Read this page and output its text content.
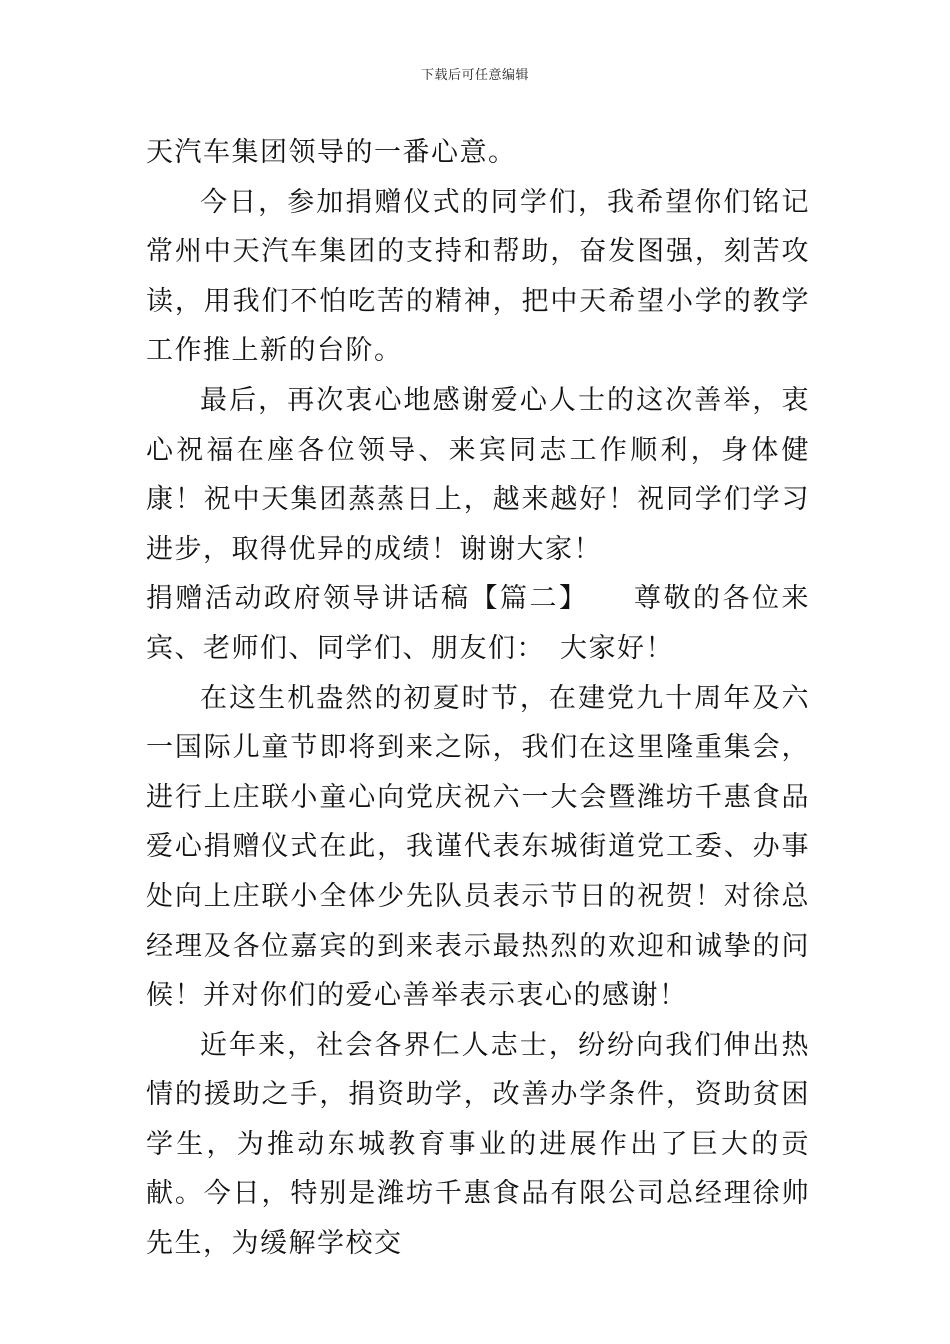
下载后可任意编辑

天汽车集团领导的一番心意。

今日，参加捐赠仪式的同学们，我希望你们铭记常州中天汽车集团的支持和帮助，奋发图强，刻苦攻读，用我们不怕吃苦的精神，把中天希望小学的教学工作推上新的台阶。

最后，再次衷心地感谢爱心人士的这次善举，衷心祝福在座各位领导、来宾同志工作顺利，身体健康！祝中天集团蒸蒸日上，越来越好！祝同学们学习进步，取得优异的成绩！谢谢大家！

捐赠活动政府领导讲话稿【篇二】　　尊敬的各位来宾、老师们、同学们、朋友们：　大家好！

在这生机盎然的初夏时节，在建党九十周年及六一国际儿童节即将到来之际，我们在这里隆重集会，进行上庄联小童心向党庆祝六一大会暨潍坊千惠食品爱心捐赠仪式在此，我谨代表东城街道党工委、办事处向上庄联小全体少先队员表示节日的祝贺！对徐总经理及各位嘉宾的到来表示最热烈的欢迎和诚挚的问候！并对你们的爱心善举表示衷心的感谢！

近年来，社会各界仁人志士，纷纷向我们伸出热情的援助之手，捐资助学，改善办学条件，资助贫困学生，为推动东城教育事业的进展作出了巨大的贡献。今日，特别是潍坊千惠食品有限公司总经理徐帅先生，为缓解学校交
